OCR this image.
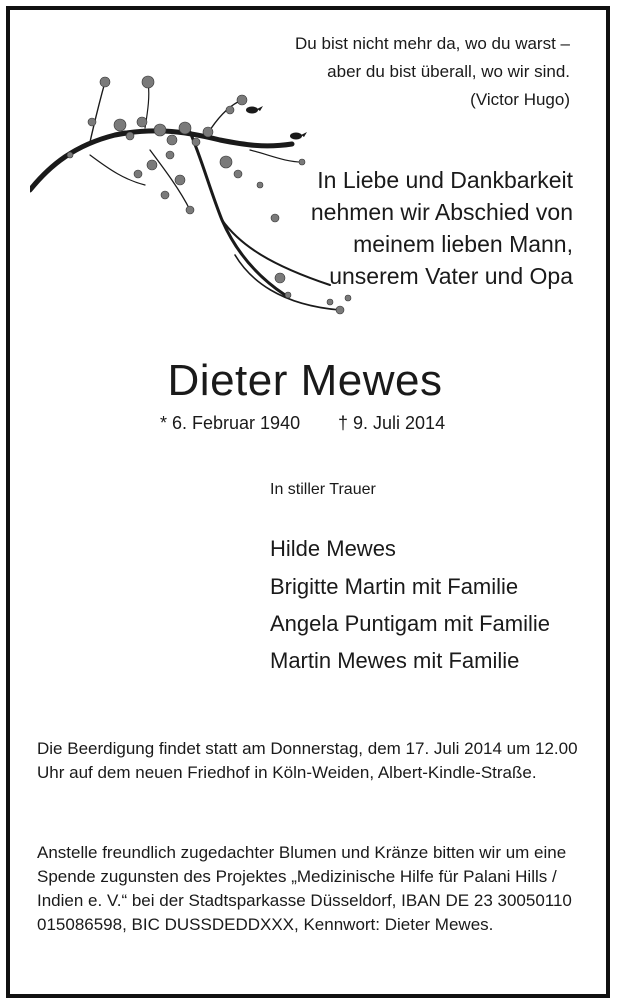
Du bist nicht mehr da, wo du warst –
aber du bist überall, wo wir sind.
(Victor Hugo)
In Liebe und Dankbarkeit
nehmen wir Abschied von
meinem lieben Mann,
unserem Vater und Opa
Dieter Mewes
* 6. Februar 1940 † 9. Juli 2014
In stiller Trauer
Hilde Mewes
Brigitte Martin mit Familie
Angela Puntigam mit Familie
Martin Mewes mit Familie
Die Beerdigung findet statt am Donnerstag, dem 17. Juli 2014 um 12.00 Uhr auf dem neuen Friedhof in Köln-Weiden, Albert-Kindle-Straße.
Anstelle freundlich zugedachter Blumen und Kränze bitten wir um eine Spende zugunsten des Projektes „Medizinische Hilfe für Palani Hills / Indien e. V.“ bei der Stadtsparkasse Düsseldorf, IBAN DE 23 30050110 015086598, BIC DUSSDEDDXXX, Kennwort: Dieter Mewes.
